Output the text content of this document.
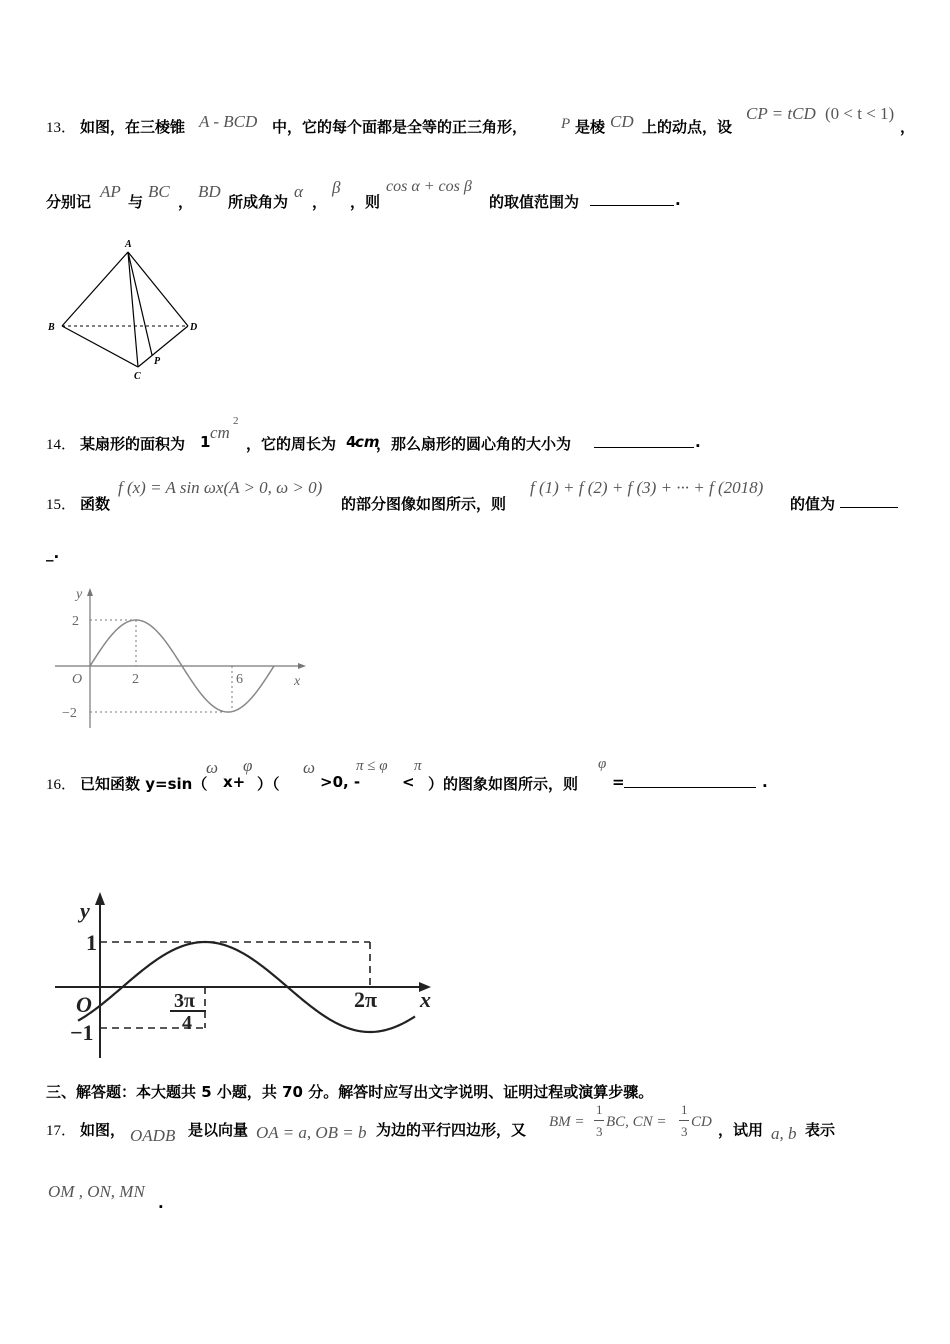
13． 如图，在三棱锥 A - BCD 中，它的每个面都是全等的正三角形， P 是棱 CD 上的动点，设
CP = tCD (0 < t < 1)
，
分别记
AP
与
BC
，
BD
所成角为
α
，
β
，则
cos α + cos β
的取值范围为	.
A
B	D
C
P
14． 某扇形的面积为 1 cm
2
，它的周长为 4
cm
，那么扇形的圆心角的大小为	.
15． 函数
f (x) = A sin ωx(A > 0, ω > 0)
的部分图像如图所示，则
f (1) + f (2) + f (3) + ··· + f (2018)
的值为
_.
y
x
O	2	6
2
−2
16． 已知函数 y=sin（
ω
x+
φ
）（
ω
>0, -
π ≤ φ
<
π
）的图象如图所示，则
φ
=	.
y
x
O
1
−1
3π
4
2π
三、解答题：本大题共 5 小题，共 70 分。解答时应写出文字说明、证明过程或演算步骤。
17． 如图， OADB 是以向量 OA = a, OB = b 为边的平行四边形，又 BM =
1
3
BC, CN =
1
3
CD ，试用 a, b 表示
OM , ON, MN
.
